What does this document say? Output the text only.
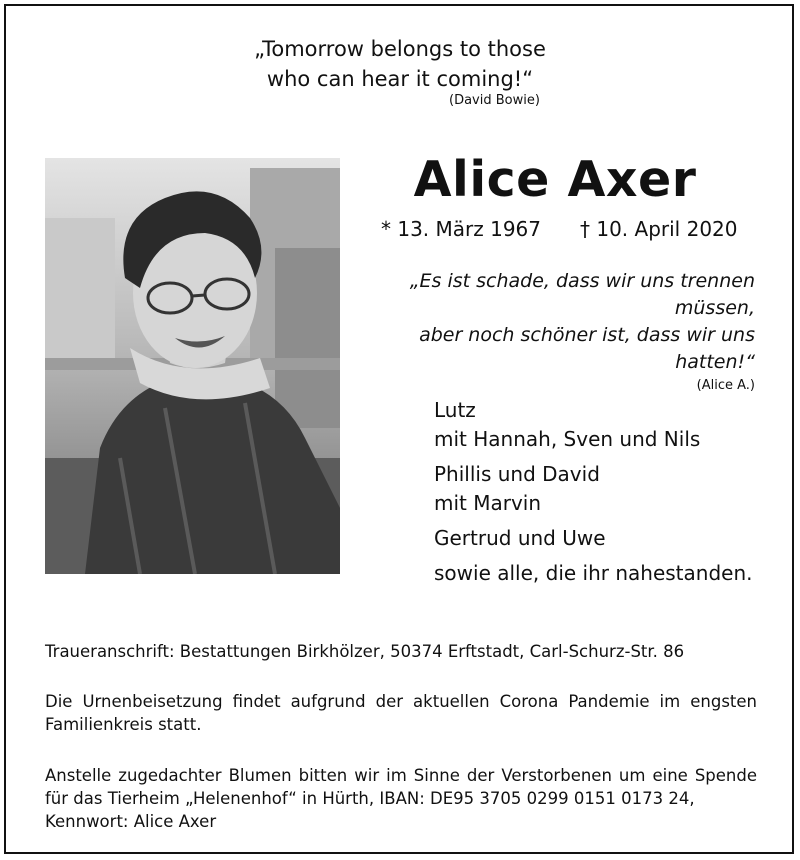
„Tomorrow belongs to those
who can hear it coming!“
(David Bowie)
Alice Axer
* 13. März 1967 † 10. April 2020
„Es ist schade, dass wir uns trennen müssen,
aber noch schöner ist, dass wir uns hatten!“
(Alice A.)
Lutz
mit Hannah, Sven und Nils
Phillis und David
mit Marvin
Gertrud und Uwe
sowie alle, die ihr nahestanden.
Traueranschrift: Bestattungen Birkhölzer, 50374 Erftstadt, Carl-Schurz-Str. 86
Die Urnenbeisetzung findet aufgrund der aktuellen Corona Pandemie im engsten Familienkreis statt.
Anstelle zugedachter Blumen bitten wir im Sinne der Verstorbenen um eine Spende für das Tierheim „Helenenhof“ in Hürth, IBAN: DE95 3705 0299 0151 0173 24,
Kennwort: Alice Axer
